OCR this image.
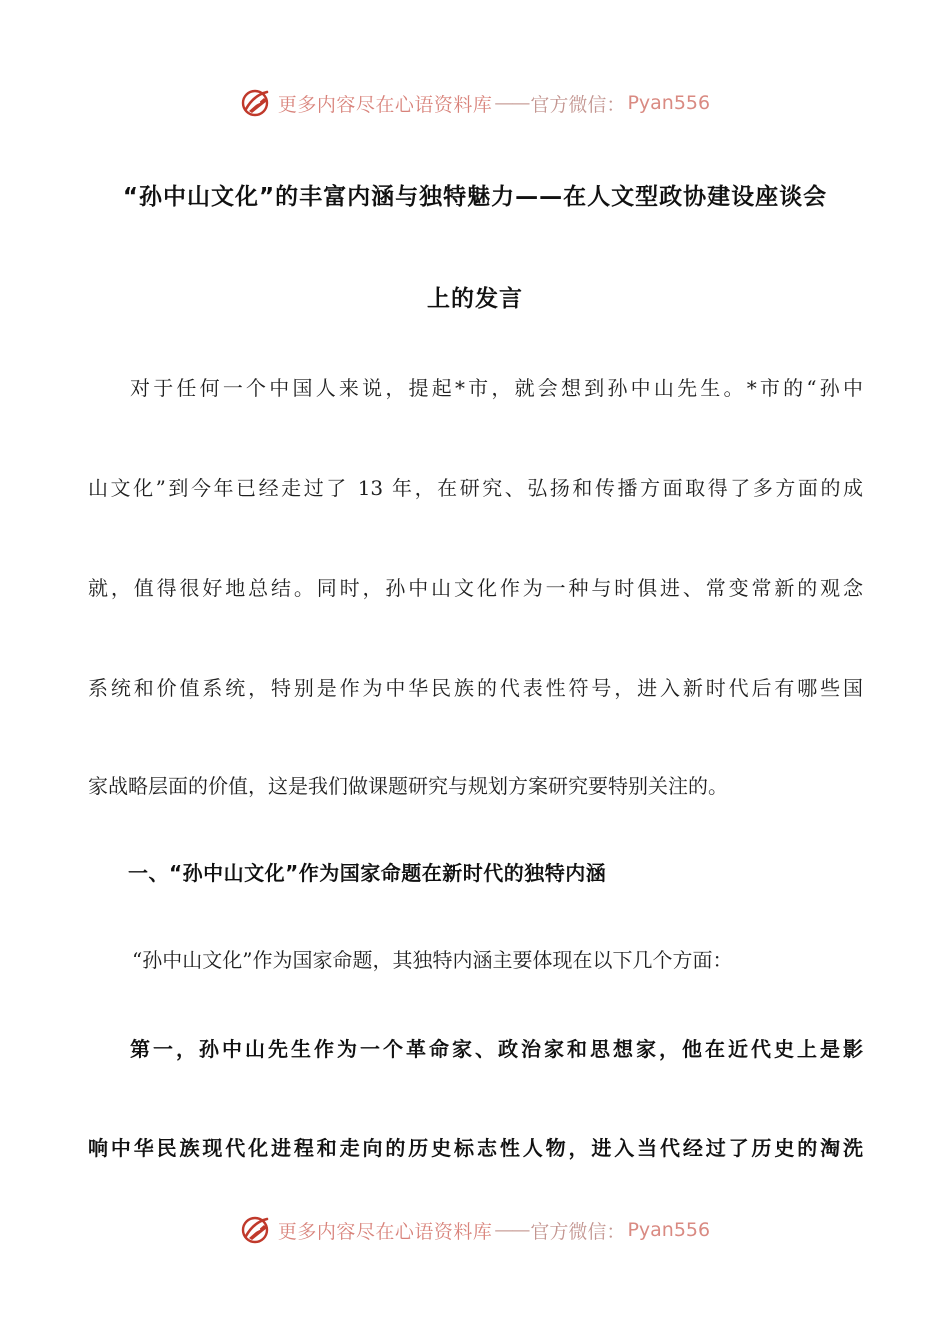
更多内容尽在心语资料库 —— 官方微信： Pyan556
“孙中山文化”的丰富内涵与独特魅力——在人文型政协建设座谈会
上的发言
对于任何一个中国人来说，提起*市，就会想到孙中山先生。*市的“孙中
山文化”到今年已经走过了 13 年，在研究、弘扬和传播方面取得了多方面的成
就，值得很好地总结。同时，孙中山文化作为一种与时俱进、常变常新的观念
系统和价值系统，特别是作为中华民族的代表性符号，进入新时代后有哪些国
家战略层面的价值，这是我们做课题研究与规划方案研究要特别关注的。
一、“孙中山文化”作为国家命题在新时代的独特内涵
“孙中山文化”作为国家命题，其独特内涵主要体现在以下几个方面：
第一，孙中山先生作为一个革命家、政治家和思想家，他在近代史上是影
响中华民族现代化进程和走向的历史标志性人物，进入当代经过了历史的淘洗
更多内容尽在心语资料库 —— 官方微信： Pyan556
